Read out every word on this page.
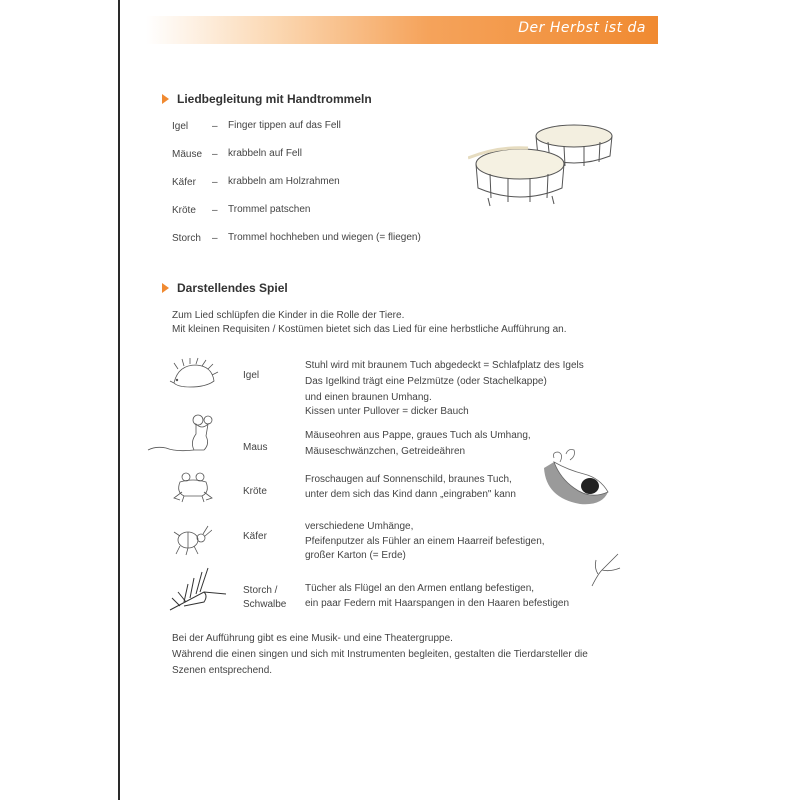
Der Herbst ist da
Liedbegleitung mit Handtrommeln
Igel – Finger tippen auf das Fell
Mäuse – krabbeln auf Fell
Käfer – krabbeln am Holzrahmen
Kröte – Trommel patschen
Storch – Trommel hochheben und wiegen (= fliegen)
Darstellendes Spiel
Zum Lied schlüpfen die Kinder in die Rolle der Tiere.
Mit kleinen Requisiten / Kostümen bietet sich das Lied für eine herbstliche Aufführung an.
Igel
Stuhl wird mit braunem Tuch abgedeckt = Schlafplatz des Igels
Das Igelkind trägt eine Pelzmütze (oder Stachelkappe)
und einen braunen Umhang.
Kissen unter Pullover = dicker Bauch
Maus
Mäuseohren aus Pappe, graues Tuch als Umhang,
Mäuseschwänzchen, Getreideähren
Kröte
Froschaugen auf Sonnenschild, braunes Tuch,
unter dem sich das Kind dann „eingraben" kann
Käfer
verschiedene Umhänge,
Pfeifenputzer als Fühler an einem Haarreif befestigen,
großer Karton (= Erde)
Storch /
Schwalbe
Tücher als Flügel an den Armen entlang befestigen,
ein paar Federn mit Haarspangen in den Haaren befestigen
Bei der Aufführung gibt es eine Musik- und eine Theatergruppe.
Während die einen singen und sich mit Instrumenten begleiten, gestalten die Tierdarsteller die
Szenen entsprechend.
